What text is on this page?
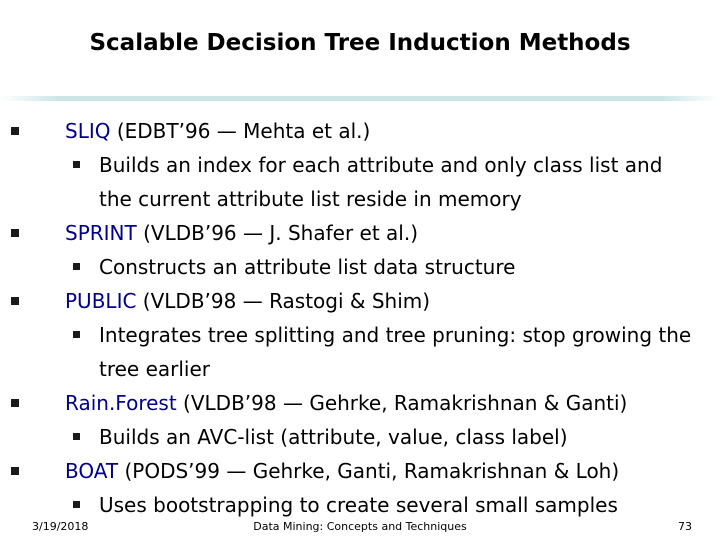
Scalable Decision Tree Induction Methods
SLIQ (EDBT’96 — Mehta et al.)
Builds an index for each attribute and only class list and the current attribute list reside in memory
SPRINT (VLDB’96 — J. Shafer et al.)
Constructs an attribute list data structure
PUBLIC (VLDB’98 — Rastogi & Shim)
Integrates tree splitting and tree pruning: stop growing the tree earlier
Rain.Forest (VLDB’98 — Gehrke, Ramakrishnan & Ganti)
Builds an AVC-list (attribute, value, class label)
BOAT (PODS’99 — Gehrke, Ganti, Ramakrishnan & Loh)
Uses bootstrapping to create several small samples
3/19/2018	Data Mining: Concepts and Techniques	73
